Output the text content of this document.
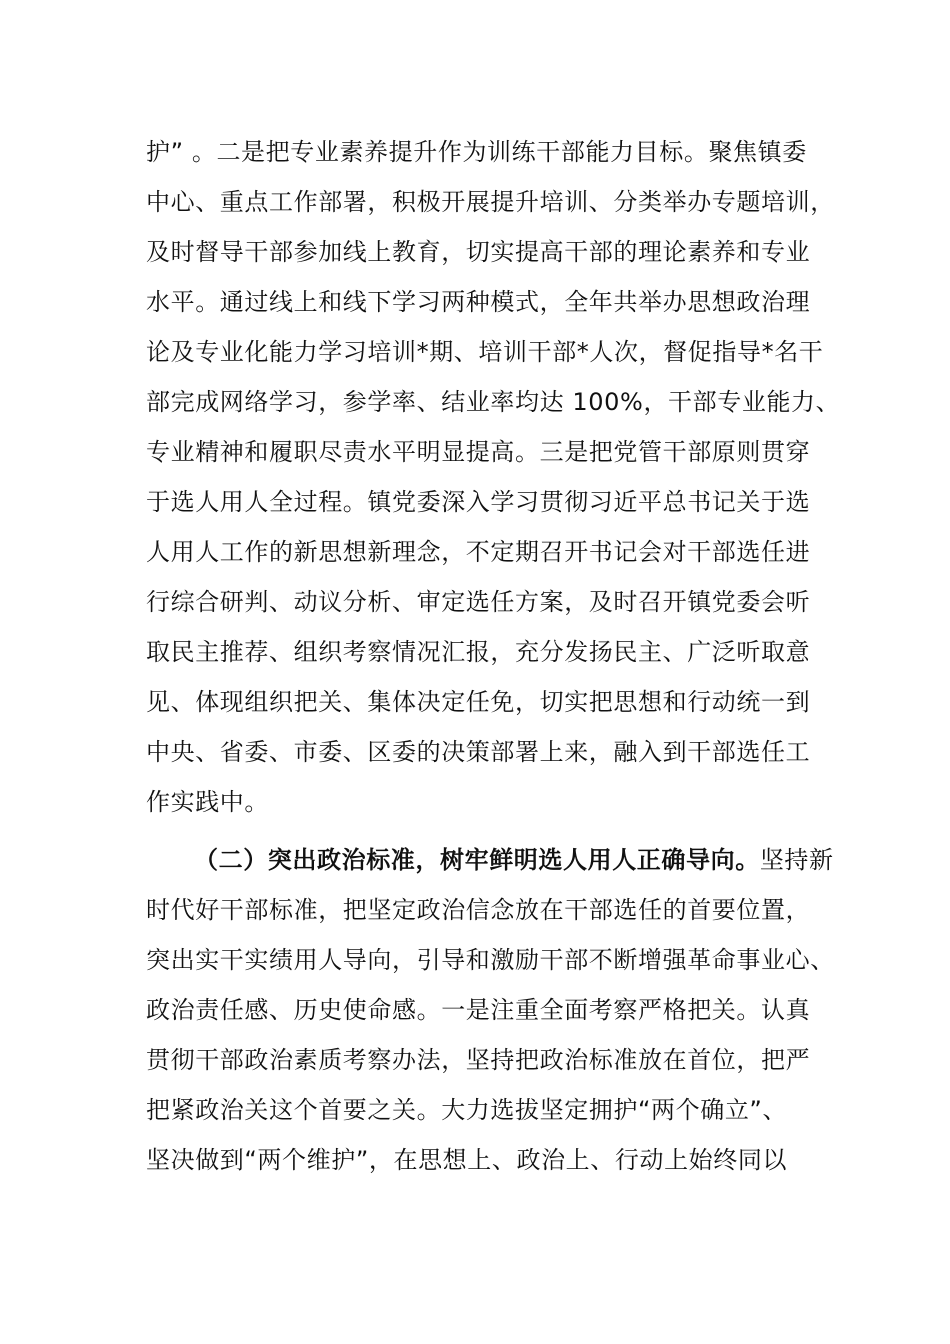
护” 。二是把专业素养提升作为训练干部能力目标。聚焦镇委
中心、重点工作部署，积极开展提升培训、分类举办专题培训，
及时督导干部参加线上教育，切实提高干部的理论素养和专业
水平。通过线上和线下学习两种模式，全年共举办思想政治理
论及专业化能力学习培训*期、培训干部*人次，督促指导*名干
部完成网络学习，参学率、结业率均达 100%，干部专业能力、
专业精神和履职尽责水平明显提高。三是把党管干部原则贯穿
于选人用人全过程。镇党委深入学习贯彻习近平总书记关于选
人用人工作的新思想新理念，不定期召开书记会对干部选任进
行综合研判、动议分析、审定选任方案，及时召开镇党委会听
取民主推荐、组织考察情况汇报，充分发扬民主、广泛听取意
见、体现组织把关、集体决定任免，切实把思想和行动统一到
中央、省委、市委、区委的决策部署上来，融入到干部选任工
作实践中。
（二）突出政治标准，树牢鲜明选人用人正确导向。坚持新
时代好干部标准，把坚定政治信念放在干部选任的首要位置，
突出实干实绩用人导向，引导和激励干部不断增强革命事业心、
政治责任感、历史使命感。一是注重全面考察严格把关。认真
贯彻干部政治素质考察办法，坚持把政治标准放在首位，把严
把紧政治关这个首要之关。大力选拔坚定拥护“两个确立”、
坚决做到“两个维护”，在思想上、政治上、行动上始终同以
